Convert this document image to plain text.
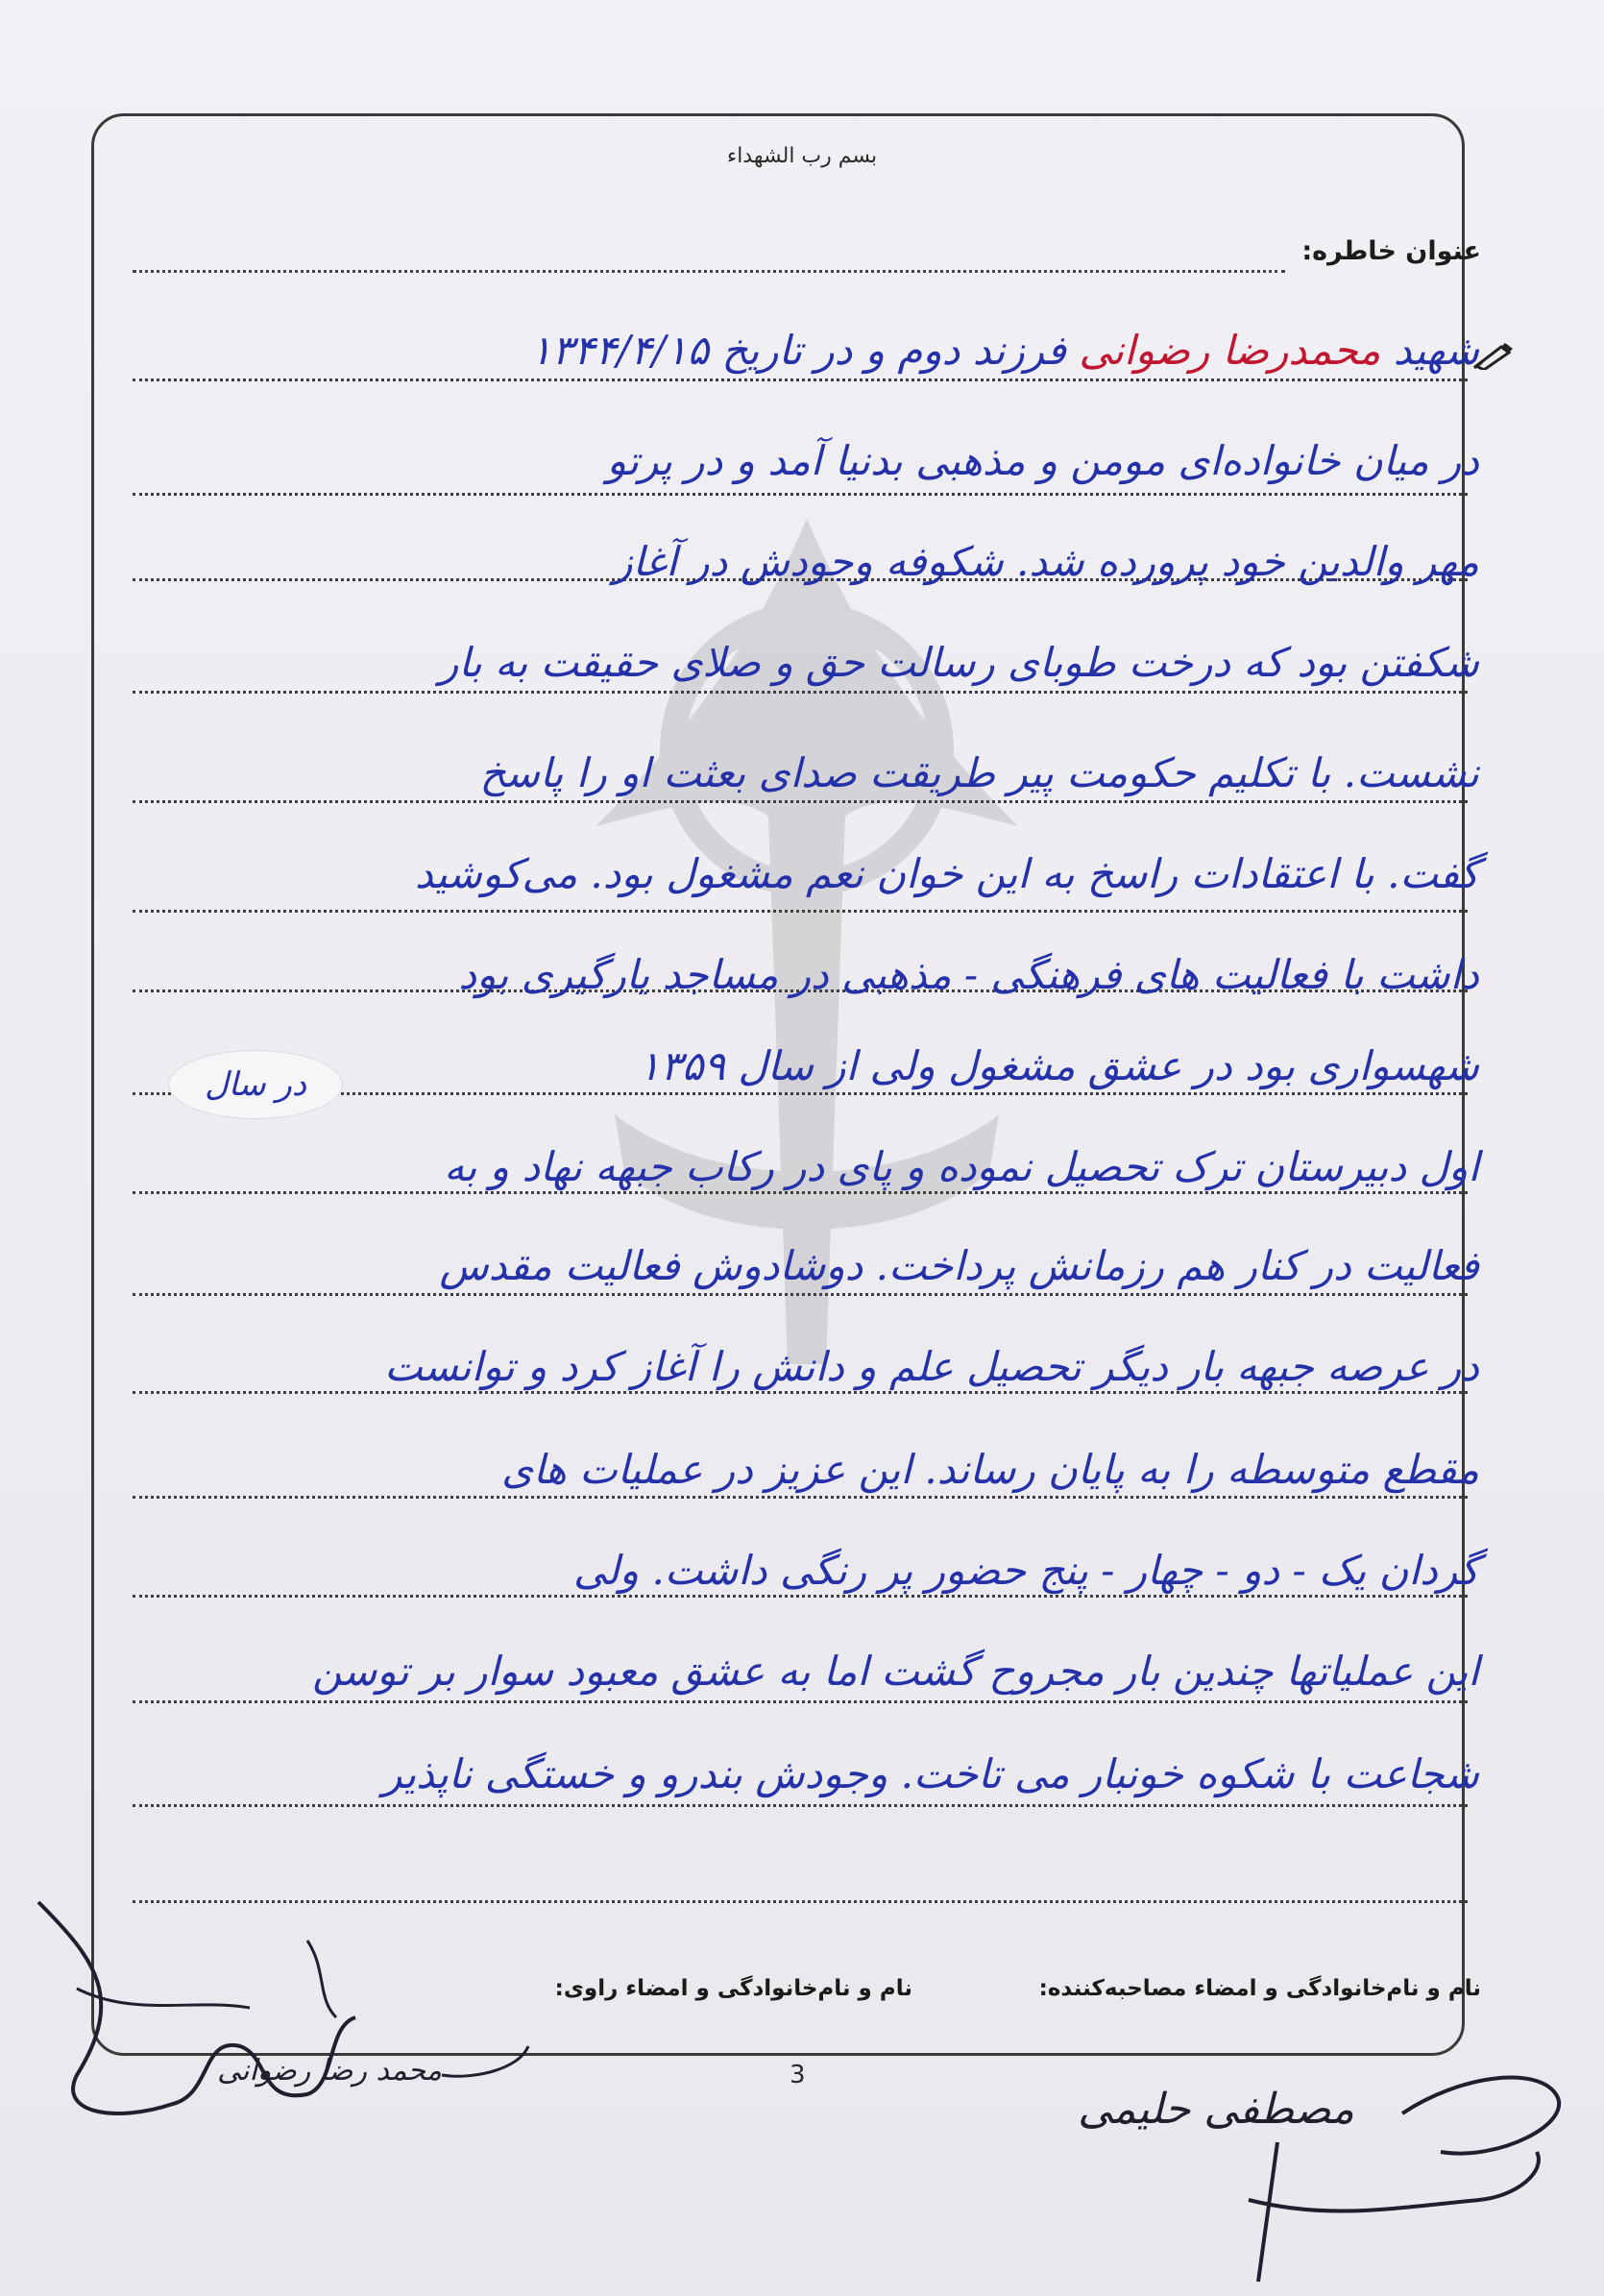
بسم رب الشهداء
عنوان خاطره:
شهید محمدرضا رضوانی فرزند دوم و در تاریخ ۱۳۴۴/۴/۱۵
در میان خانواده‌ای مومن و مذهبی بدنیا آمد و در پرتو
مهر والدین خود پرورده شد. شکوفه وجودش در آغاز
شکفتن بود که درخت طوبای رسالت حق و صلای حقیقت به بار
نشست. با تکلیم حکومت پیر طریقت صدای بعثت او را پاسخ
گفت. با اعتقادات راسخ به این خوان نعم مشغول بود. می‌کوشید
داشت با فعالیت های فرهنگی - مذهبی در مساجد یارگیری بود
شهسواری بود در عشق مشغول ولی از سال ۱۳۵۹
اول دبیرستان ترک تحصیل نموده و پای در رکاب جبهه نهاد و به
فعالیت در کنار هم رزمانش پرداخت. دوشادوش فعالیت مقدس
در عرصه جبهه بار دیگر تحصیل علم و دانش را آغاز کرد و توانست
مقطع متوسطه را به پایان رساند. این عزیز در عملیات های
گردان یک - دو - چهار - پنج حضور پر رنگی داشت. ولی
این عملیاتها چندین بار مجروح گشت اما به عشق معبود سوار بر توسن
شجاعت با شکوه خونبار می تاخت. وجودش بندرو و خستگی ناپذیر
در سال
نام و نام‌خانوادگی و امضاء مصاحبه‌کننده:
نام و نام‌خانوادگی و امضاء راوی:
محمد رضا رضوانی
مصطفی حلیمی
3
